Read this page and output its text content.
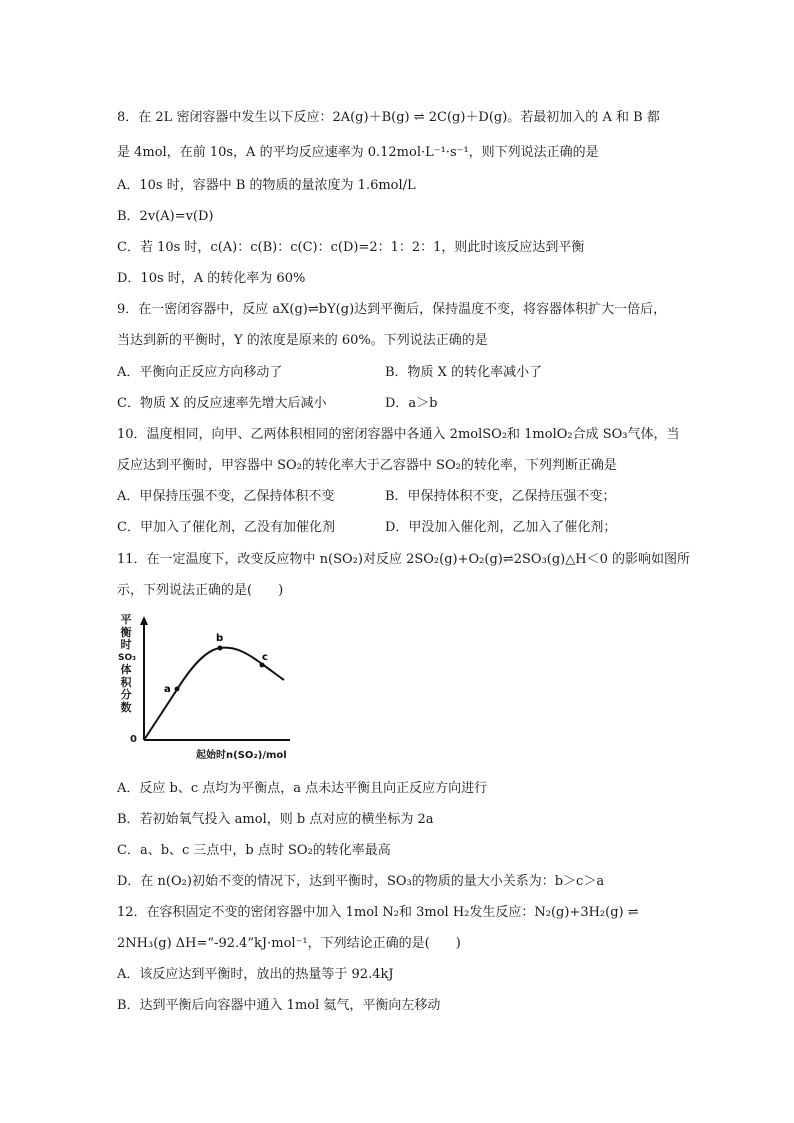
8．在 2L 密闭容器中发生以下反应：2A(g)＋B(g) ⇌ 2C(g)＋D(g)。若最初加入的 A 和 B 都
是 4mol，在前 10s，A 的平均反应速率为 0.12mol·L⁻¹·s⁻¹，则下列说法正确的是
A．10s 时，容器中 B 的物质的量浓度为 1.6mol/L
B．2v(A)=v(D)
C．若 10s 时，c(A)：c(B)：c(C)：c(D)=2：1：2：1，则此时该反应达到平衡
D．10s 时，A 的转化率为 60%
9．在一密闭容器中，反应 aX(g)⇌bY(g)达到平衡后，保持温度不变，将容器体积扩大一倍后，
当达到新的平衡时，Y 的浓度是原来的 60%。下列说法正确的是
A．平衡向正反应方向移动了	B．物质 X 的转化率减小了
C．物质 X 的反应速率先增大后减小	D．a＞b
10．温度相同，向甲、乙两体积相同的密闭容器中各通入 2molSO₂和 1molO₂合成 SO₃气体，当
反应达到平衡时，甲容器中 SO₂的转化率大于乙容器中 SO₂的转化率，下列判断正确是
A．甲保持压强不变，乙保持体积不变	B．甲保持体积不变，乙保持压强不变；
C．甲加入了催化剂，乙没有加催化剂	D．甲没加入催化剂，乙加入了催化剂；
11．在一定温度下，改变反应物中 n(SO₂)对反应 2SO₂(g)+O₂(g)⇌2SO₃(g)△H＜0 的影响如图所
示，下列说法正确的是(　　)
平
衡
时
SO₃
体
积
分
数
a
b
c
0
起始时n(SO₂)/mol
A．反应 b、c 点均为平衡点，a 点未达平衡且向正反应方向进行
B．若初始氧气投入 amol，则 b 点对应的横坐标为 2a
C．a、b、c 三点中，b 点时 SO₂的转化率最高
D．在 n(O₂)初始不变的情况下，达到平衡时，SO₃的物质的量大小关系为：b＞c＞a
12．在容积固定不变的密闭容器中加入 1mol N₂和 3mol H₂发生反应：N₂(g)+3H₂(g) ⇌
2NH₃(g) ΔH=“-92.4”kJ·mol⁻¹，下列结论正确的是(　　)
A．该反应达到平衡时，放出的热量等于 92.4kJ
B．达到平衡后向容器中通入 1mol 氦气，平衡向左移动
